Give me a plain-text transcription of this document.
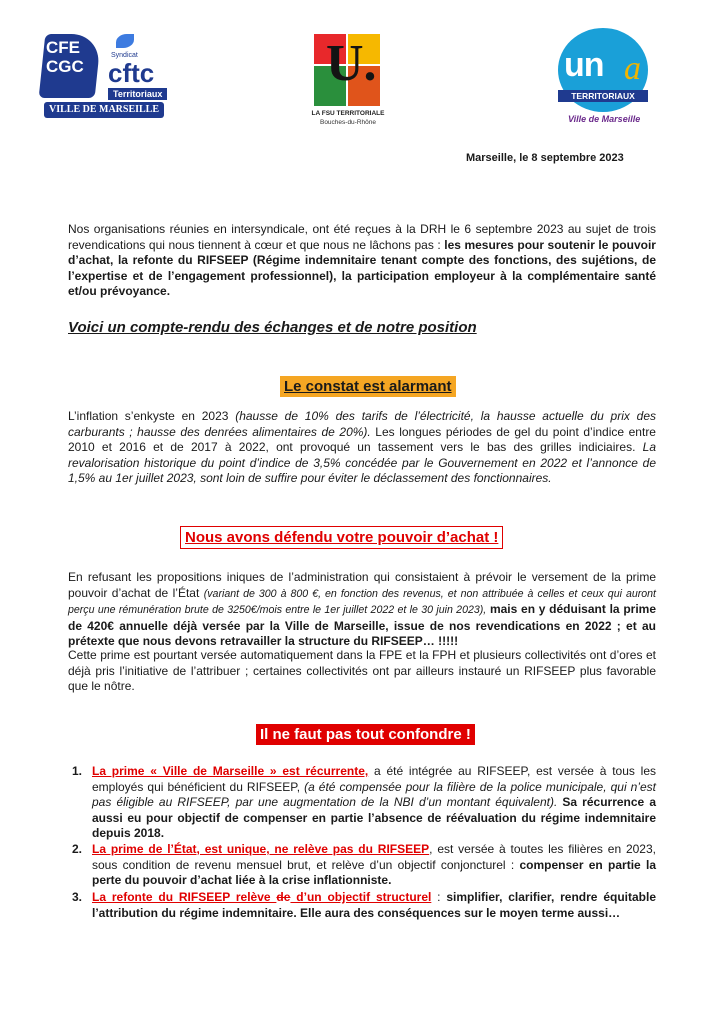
CFE
CGC
Syndicat
cftc
Territoriaux
VILLE DE MARSEILLE
U.
LA FSU TERRITORIALE
Bouches-du-Rhône
un a
TERRITORIAUX
Ville de Marseille
Marseille, le 8 septembre 2023
Nos organisations réunies en intersyndicale, ont été reçues à la DRH le 6 septembre 2023 au sujet de trois revendications qui nous tiennent à cœur et que nous ne lâchons pas : les mesures pour soutenir le pouvoir d’achat, la refonte du RIFSEEP (Régime indemnitaire tenant compte des fonctions, des sujétions, de l’expertise et de l’engagement professionnel), la participation employeur à la complémentaire santé et/ou prévoyance.
Voici un compte-rendu des échanges et de notre position
Le constat est alarmant
L’inflation s’enkyste en 2023 (hausse de 10% des tarifs de l’électricité, la hausse actuelle du prix des carburants ; hausse des denrées alimentaires de 20%). Les longues périodes de gel du point d’indice entre 2010 et 2016 et de 2017 à 2022, ont provoqué un tassement vers le bas des grilles indiciaires. La revalorisation historique du point d’indice de 3,5% concédée par le Gouvernement en 2022 et l’annonce de 1,5% au 1er juillet 2023, sont loin de suffire pour éviter le déclassement des fonctionnaires.
Nous avons défendu votre pouvoir d’achat !
En refusant les propositions iniques de l’administration qui consistaient à prévoir le versement de la prime pouvoir d’achat de l’État (variant de 300 à 800 €, en fonction des revenus, et non attribuée à celles et ceux qui auront perçu une rémunération brute de 3250€/mois entre le 1er juillet 2022 et le 30 juin 2023), mais en y déduisant la prime de 420€ annuelle déjà versée par la Ville de Marseille, issue de nos revendications en 2022 ; et au prétexte que nous devons retravailler la structure du RIFSEEP… !!!!!
Cette prime est pourtant versée automatiquement dans la FPE et la FPH et plusieurs collectivités ont d’ores et déjà pris l’initiative de l’attribuer ; certaines collectivités ont par ailleurs instauré un RIFSEEP plus favorable que le nôtre.
Il ne faut pas tout confondre !
1. La prime « Ville de Marseille » est récurrente, a été intégrée au RIFSEEP, est versée à tous les employés qui bénéficient du RIFSEEP, (a été compensée pour la filière de la police municipale, qui n’est pas éligible au RIFSEEP, par une augmentation de la NBI d’un montant équivalent). Sa récurrence a aussi eu pour objectif de compenser en partie l’absence de réévaluation du régime indemnitaire depuis 2018.
2. La prime de l’État, est unique, ne relève pas du RIFSEEP, est versée à toutes les filières en 2023, sous condition de revenu mensuel brut, et relève d’un objectif conjoncturel : compenser en partie la perte du pouvoir d’achat liée à la crise inflationniste.
3. La refonte du RIFSEEP relève de d’un objectif structurel : simplifier, clarifier, rendre équitable l’attribution du régime indemnitaire. Elle aura des conséquences sur le moyen terme aussi…
